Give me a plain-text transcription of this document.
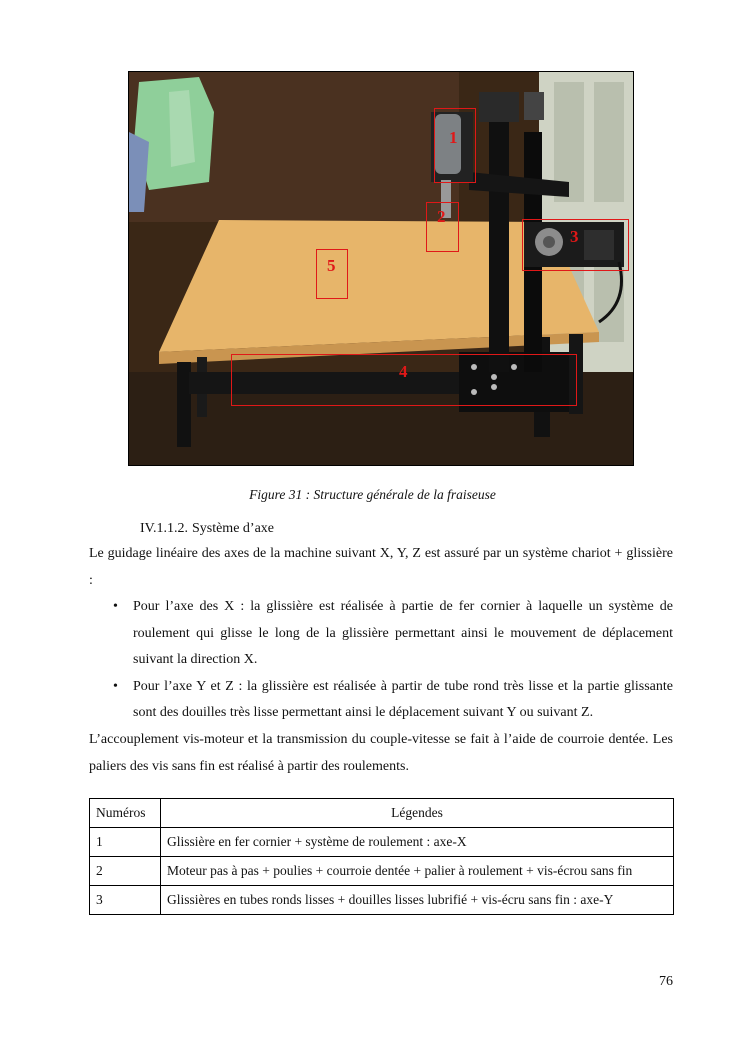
1
2
3
4
5
Figure 31 : Structure générale de la fraiseuse
IV.1.1.2. Système d’axe
Le guidage linéaire des axes de la machine suivant X, Y, Z est assuré par un système chariot + glissière :
• Pour l’axe des X : la glissière est réalisée à partie de fer cornier à laquelle un système de roulement qui glisse le long de la glissière permettant ainsi le mouvement de déplacement suivant la direction X.
• Pour l’axe Y et Z : la glissière est réalisée à partir de tube rond très lisse et la partie glissante sont des douilles très lisse permettant ainsi le déplacement suivant Y ou suivant Z.
L’accouplement vis-moteur et la transmission du couple-vitesse se fait à l’aide de courroie dentée. Les paliers des vis sans fin est réalisé à partir des roulements.
Numéros	Légendes
1	Glissière en fer cornier + système de roulement : axe-X
2	Moteur pas à pas + poulies + courroie dentée + palier à roulement + vis-écrou sans fin
3	Glissières en tubes ronds lisses + douilles lisses lubrifié + vis-écru sans fin : axe-Y
76
